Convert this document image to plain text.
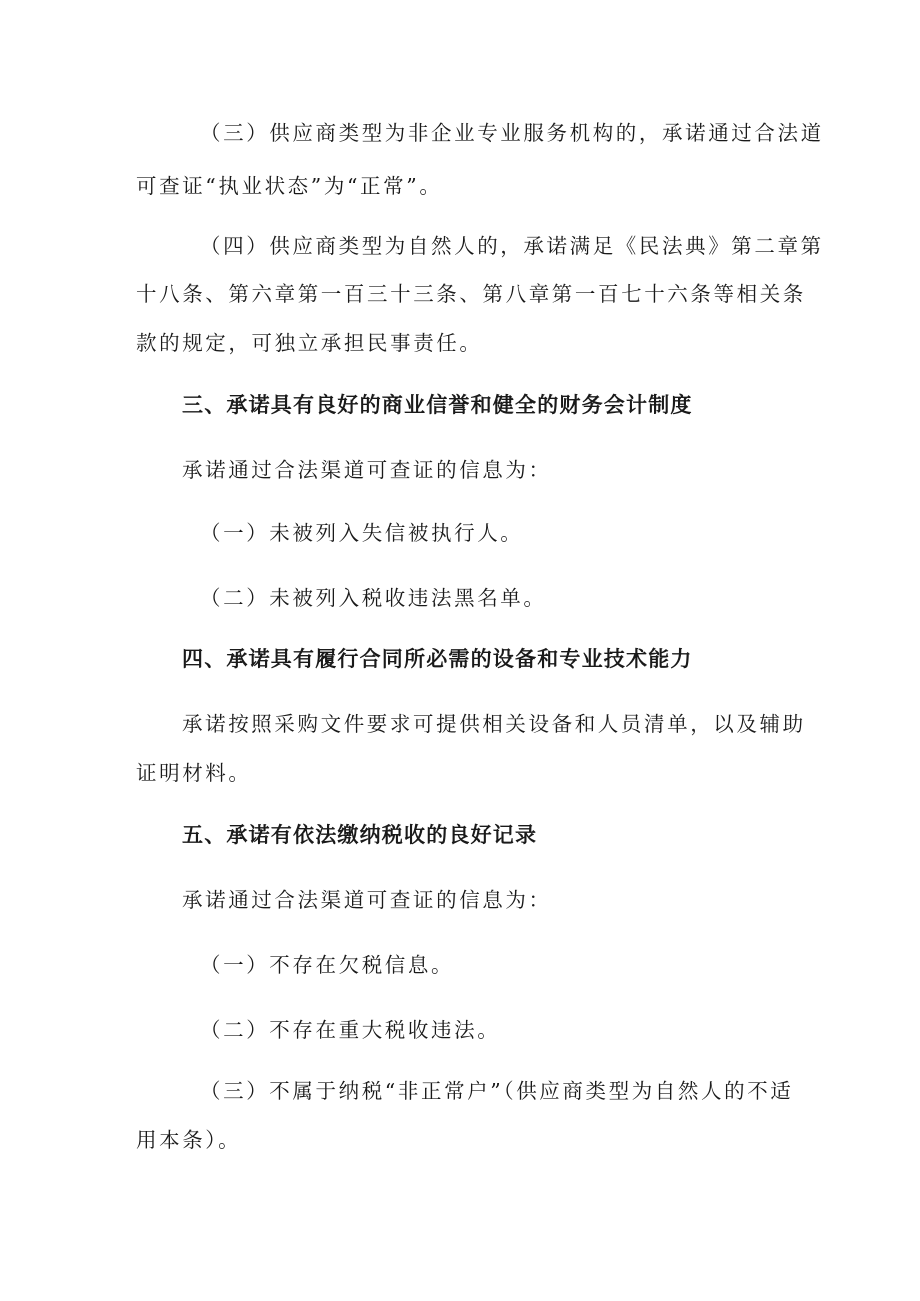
（三）供应商类型为非企业专业服务机构的，承诺通过合法道

可查证“执业状态”为“正常”。

（四）供应商类型为自然人的，承诺满足《民法典》第二章第

十八条、第六章第一百三十三条、第八章第一百七十六条等相关条

款的规定，可独立承担民事责任。

三、承诺具有良好的商业信誉和健全的财务会计制度

承诺通过合法渠道可查证的信息为：

（一）未被列入失信被执行人。

（二）未被列入税收违法黑名单。

四、承诺具有履行合同所必需的设备和专业技术能力

承诺按照采购文件要求可提供相关设备和人员清单，以及辅助

证明材料。

五、承诺有依法缴纳税收的良好记录

承诺通过合法渠道可查证的信息为：

（一）不存在欠税信息。

（二）不存在重大税收违法。

（三）不属于纳税“非正常户”（供应商类型为自然人的不适

用本条）。
